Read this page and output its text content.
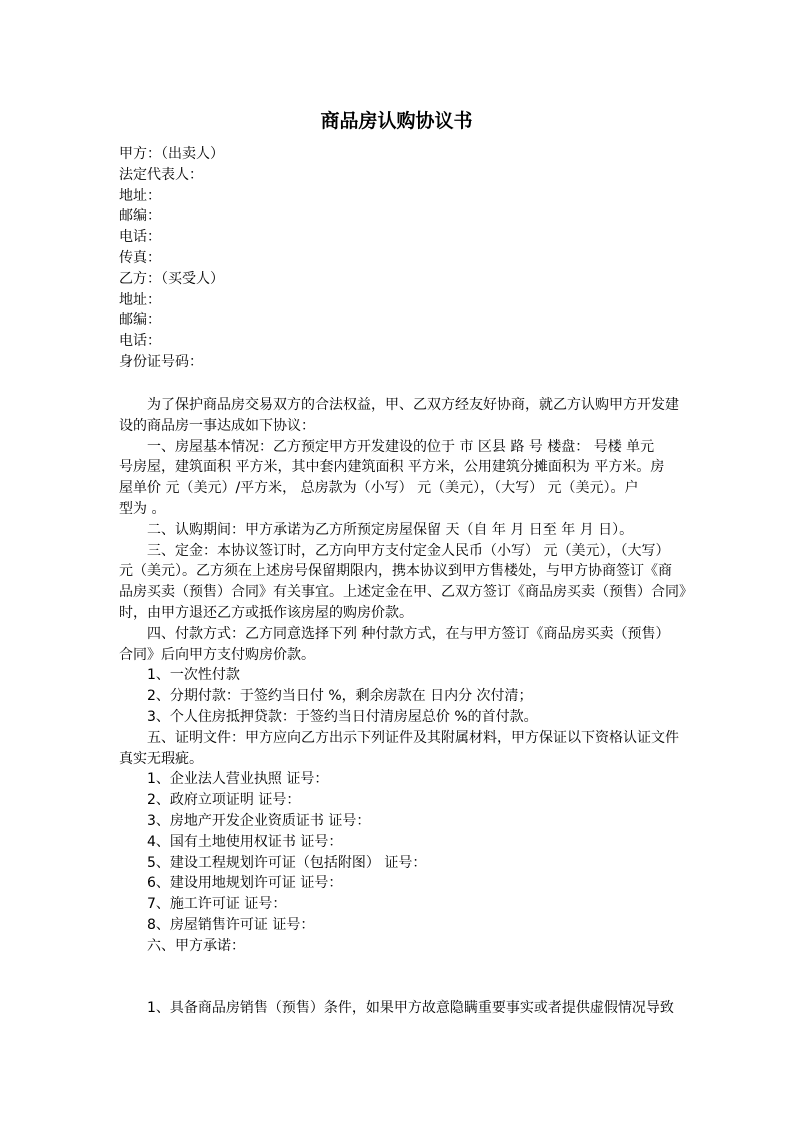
商品房认购协议书

甲方：（出卖人）

法定代表人：

地址：

邮编：

电话：

传真：

乙方：（买受人）

地址：

邮编：

电话：

身份证号码：

为了保护商品房交易双方的合法权益，甲、乙双方经友好协商，就乙方认购甲方开发建

设的商品房一事达成如下协议：

一、房屋基本情况：乙方预定甲方开发建设的位于 市 区县 路 号 楼盘： 号楼 单元

号房屋，建筑面积 平方米，其中套内建筑面积 平方米，公用建筑分摊面积为 平方米。房

屋单价 元（美元）/平方米， 总房款为（小写） 元（美元），（大写） 元（美元）。户

型为 。

二、认购期间：甲方承诺为乙方所预定房屋保留 天（自 年 月 日至 年 月 日）。

三、定金：本协议签订时，乙方向甲方支付定金人民币（小写） 元（美元），（大写）

元（美元）。乙方须在上述房号保留期限内，携本协议到甲方售楼处，与甲方协商签订《商

品房买卖（预售）合同》有关事宜。上述定金在甲、乙双方签订《商品房买卖（预售）合同》

时，由甲方退还乙方或抵作该房屋的购房价款。

四、付款方式：乙方同意选择下列 种付款方式，在与甲方签订《商品房买卖（预售）

合同》后向甲方支付购房价款。

1、一次性付款

2、分期付款：于签约当日付 %，剩余房款在 日内分 次付清；

3、个人住房抵押贷款：于签约当日付清房屋总价 %的首付款。

五、证明文件：甲方应向乙方出示下列证件及其附属材料，甲方保证以下资格认证文件

真实无瑕疵。

1、企业法人营业执照 证号：

2、政府立项证明 证号：

3、房地产开发企业资质证书 证号：

4、国有土地使用权证书 证号：

5、建设工程规划许可证（包括附图） 证号：

6、建设用地规划许可证 证号：

7、施工许可证 证号：

8、房屋销售许可证 证号：

六、甲方承诺：

1、具备商品房销售（预售）条件，如果甲方故意隐瞒重要事实或者提供虚假情况导致
